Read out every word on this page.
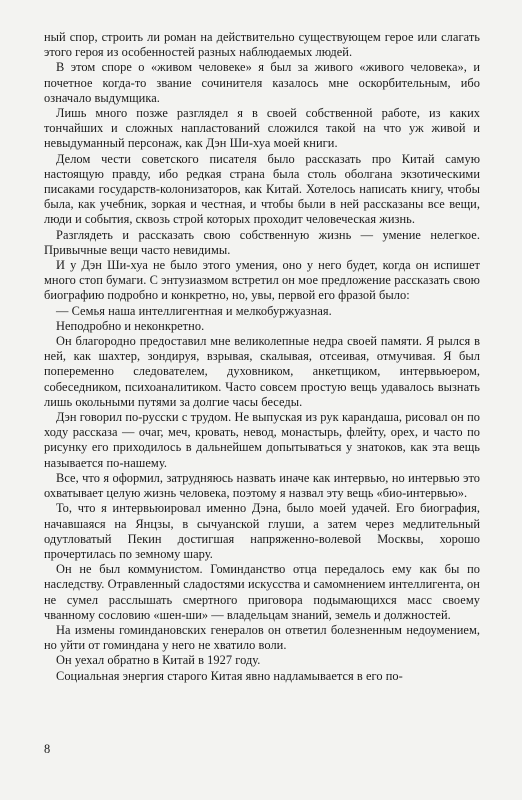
ный спор, строить ли роман на действительно существующем герое или слагать этого героя из особенностей разных наблюдаемых людей.

В этом споре о «живом человеке» я был за живого «живого человека», и почетное когда-то звание сочинителя казалось мне оскорбительным, ибо означало выдумщика.

Лишь много позже разглядел я в своей собственной работе, из каких тончайших и сложных напластований сложился такой на что уж живой и невыдуманный персонаж, как Дэн Ши-хуа моей книги.

Делом чести советского писателя было рассказать про Китай самую настоящую правду, ибо редкая страна была столь оболгана экзотическими писаками государств-колонизаторов, как Китай. Хотелось написать книгу, чтобы была, как учебник, зоркая и честная, и чтобы были в ней рассказаны все вещи, люди и события, сквозь строй которых проходит человеческая жизнь.

Разглядеть и рассказать свою собственную жизнь — умение нелегкое. Привычные вещи часто невидимы.

И у Дэн Ши-хуа не было этого умения, оно у него будет, когда он испишет много стоп бумаги. С энтузиазмом встретил он мое предложение рассказать свою биографию подробно и конкретно, но, увы, первой его фразой было:

— Семья наша интеллигентная и мелкобуржуазная.

Неподробно и неконкретно.

Он благородно предоставил мне великолепные недра своей памяти. Я рылся в ней, как шахтер, зондируя, взрывая, скалывая, отсеивая, отмучивая. Я был попеременно следователем, духовником, анкетщиком, интервьюером, собеседником, психоаналитиком. Часто совсем простую вещь удавалось вызнать лишь окольными путями за долгие часы беседы.

Дэн говорил по-русски с трудом. Не выпуская из рук карандаша, рисовал он по ходу рассказа — очаг, меч, кровать, невод, монастырь, флейту, орех, и часто по рисунку его приходилось в дальнейшем допытываться у знатоков, как эта вещь называется по-нашему.

Все, что я оформил, затрудняюсь назвать иначе как интервью, но интервью это охватывает целую жизнь человека, поэтому я назвал эту вещь «био-интервью».

То, что я интервьюировал именно Дэна, было моей удачей. Его биография, начавшаяся на Янцзы, в сычуанской глуши, а затем через медлительный одутловатый Пекин достигшая напряженно-волевой Москвы, хорошо прочертилась по земному шару.

Он не был коммунистом. Гоминданство отца передалось ему как бы по наследству. Отравленный сладостями искусства и самомнением интеллигента, он не сумел расслышать смертного приговора подымающихся масс своему чванному сословию «шен-ши» — владельцам знаний, земель и должностей.

На измены гоминдановских генералов он ответил болезненным недоумением, но уйти от гоминдана у него не хватило воли.

Он уехал обратно в Китай в 1927 году.

Социальная энергия старого Китая явно надламывается в его по-

8
